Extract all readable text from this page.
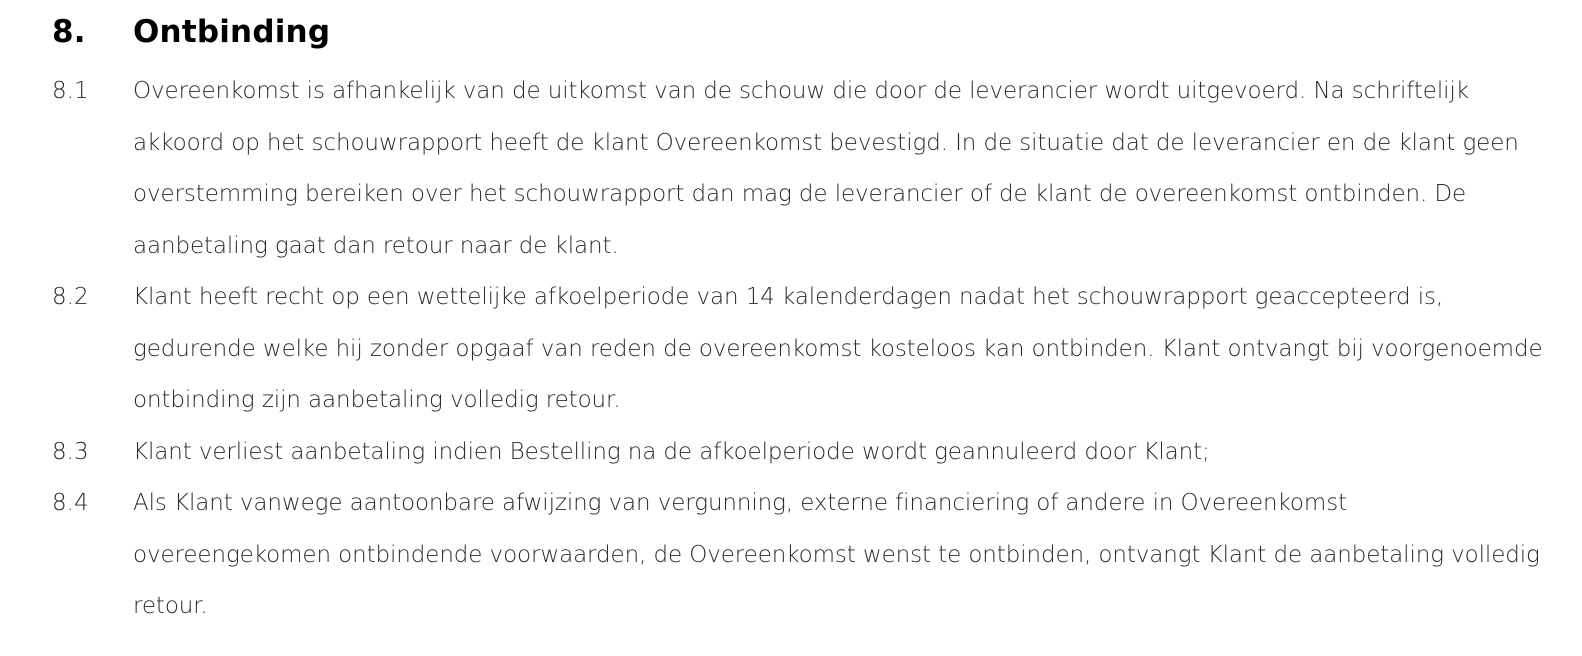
8.	Ontbinding
8.1	Overeenkomst is afhankelijk van de uitkomst van de schouw die door de leverancier wordt uitgevoerd. Na schriftelijk akkoord op het schouwrapport heeft de klant Overeenkomst bevestigd. In de situatie dat de leverancier en de klant geen overstemming bereiken over het schouwrapport dan mag de leverancier of de klant de overeenkomst ontbinden. De aanbetaling gaat dan retour naar de klant.

8.2	Klant heeft recht op een wettelijke afkoelperiode van 14 kalenderdagen nadat het schouwrapport geaccepteerd is, gedurende welke hij zonder opgaaf van reden de overeenkomst kosteloos kan ontbinden. Klant ontvangt bij voorgenoemde ontbinding zijn aanbetaling volledig retour.

8.3	Klant verliest aanbetaling indien Bestelling na de afkoelperiode wordt geannuleerd door Klant;

8.4	Als Klant vanwege aantoonbare afwijzing van vergunning, externe financiering of andere in Overeenkomst overeengekomen ontbindende voorwaarden, de Overeenkomst wenst te ontbinden, ontvangt Klant de aanbetaling volledig retour.
